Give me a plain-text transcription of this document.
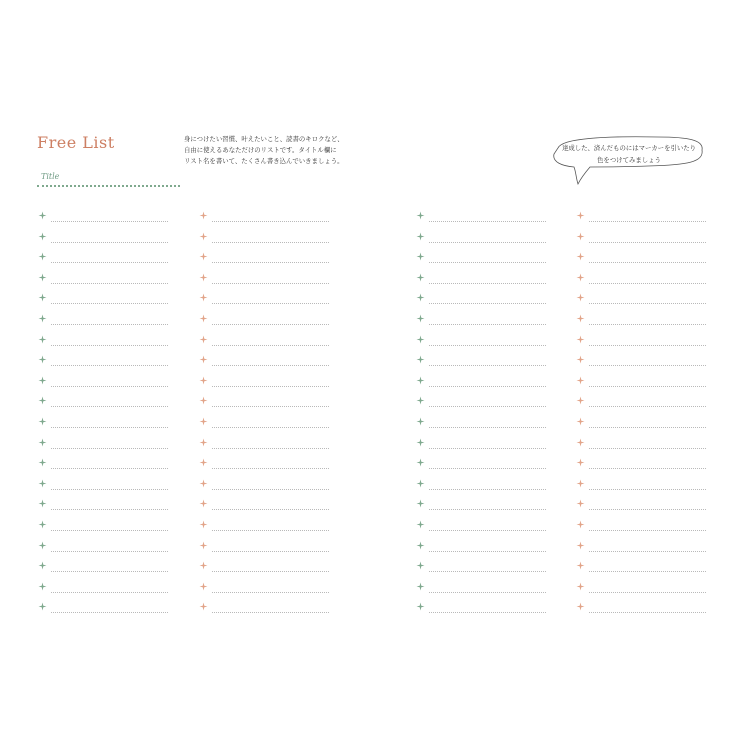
Free List	身につけたい習慣、叶えたいこと、読書のキロクなど、
自由に使えるあなただけのリストです。タイトル欄に
リスト名を書いて、たくさん書き込んでいきましょう。
Title
達成した、済んだものにはマーカーを引いたり
色をつけてみましょう
